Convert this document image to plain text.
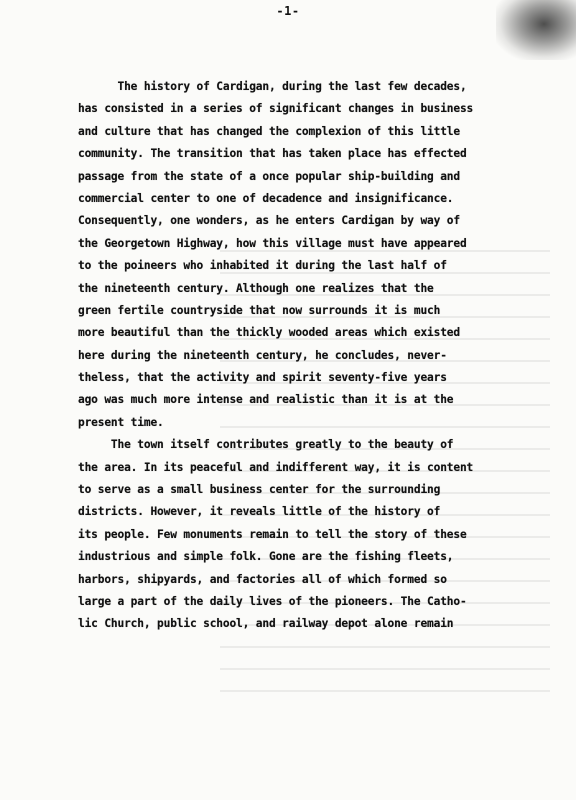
-1-
The history of Cardigan, during the last few decades,
has consisted in a series of significant changes in business
and culture that has changed the complexion of this little
community. The transition that has taken place has effected
passage from the state of a once popular ship-building and
commercial center to one of decadence and insignificance.
Consequently, one wonders, as he enters Cardigan by way of
the Georgetown Highway, how this village must have appeared
to the poineers who inhabited it during the last half of
the nineteenth century. Although one realizes that the
green fertile countryside that now surrounds it is much
more beautiful than the thickly wooded areas which existed
here during the nineteenth century, he concludes, never-
theless, that the activity and spirit seventy-five years
ago was much more intense and realistic than it is at the
present time.
The town itself contributes greatly to the beauty of
the area. In its peaceful and indifferent way, it is content
to serve as a small business center for the surrounding
districts. However, it reveals little of the history of
its people. Few monuments remain to tell the story of these
industrious and simple folk. Gone are the fishing fleets,
harbors, shipyards, and factories all of which formed so
large a part of the daily lives of the pioneers. The Catho-
lic Church, public school, and railway depot alone remain
